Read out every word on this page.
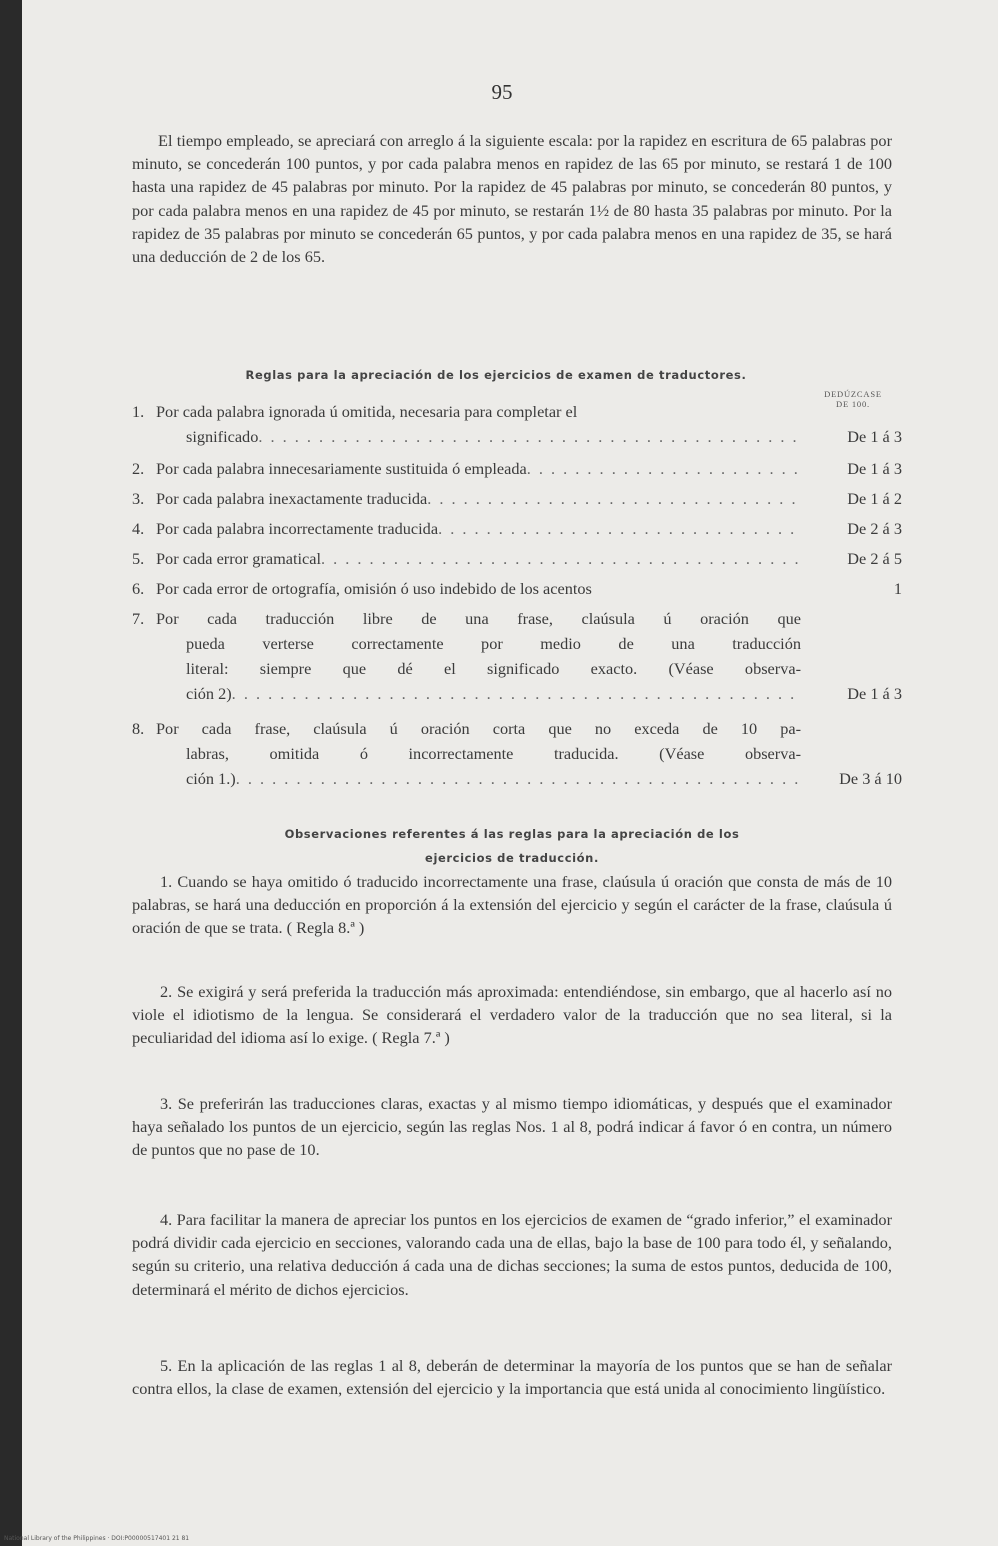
95

El tiempo empleado, se apreciará con arreglo á la siguiente escala: por la rapidez en escritura de 65 palabras por minuto, se concederán 100 puntos, y por cada palabra menos en rapidez de las 65 por minuto, se restará 1 de 100 hasta una rapidez de 45 palabras por minuto. Por la rapidez de 45 palabras por minuto, se concederán 80 puntos, y por cada palabra menos en una rapidez de 45 por minuto, se restarán 1½ de 80 hasta 35 palabras por minuto. Por la rapidez de 35 palabras por minuto se concederán 65 puntos, y por cada palabra menos en una rapidez de 35, se hará una deducción de 2 de los 65.

Reglas para la apreciación de los ejercicios de examen de traductores.
DEDÚZCASE
DE 100.
1. Por cada palabra ignorada ú omitida, necesaria para completar el
significado . . .	De 1 á 3
2. Por cada palabra innecesariamente sustituida ó empleada . . .	De 1 á 3
3. Por cada palabra inexactamente traducida . . .	De 1 á 2
4. Por cada palabra incorrectamente traducida . . .	De 2 á 3
5. Por cada error gramatical . . .	De 2 á 5
6. Por cada error de ortografía, omisión ó uso indebido de los acentos	1
7. Por cada traducción libre de una frase, claúsula ú oración que
pueda verterse correctamente por medio de una traducción
literal: siempre que dé el significado exacto. (Véase observa-
ción 2) . . .	De 1 á 3
8. Por cada frase, claúsula ú oración corta que no exceda de 10 pa-
labras, omitida ó incorrectamente traducida. (Véase observa-
ción 1.) . . .	De 3 á 10
Observaciones referentes á las reglas para la apreciación de los
ejercicios de traducción.

1. Cuando se haya omitido ó traducido incorrectamente una frase, claúsula ú oración que consta de más de 10 palabras, se hará una deducción en proporción á la extensión del ejercicio y según el carácter de la frase, claúsula ú oración de que se trata. ( Regla 8.ª )

2. Se exigirá y será preferida la traducción más aproximada: entendiéndose, sin embargo, que al hacerlo así no viole el idiotismo de la lengua. Se considerará el verdadero valor de la traducción que no sea literal, si la peculiaridad del idioma así lo exige. ( Regla 7.ª )

3. Se preferirán las traducciones claras, exactas y al mismo tiempo idiomáticas, y después que el examinador haya señalado los puntos de un ejercicio, según las reglas Nos. 1 al 8, podrá indicar á favor ó en contra, un número de puntos que no pase de 10.

4. Para facilitar la manera de apreciar los puntos en los ejercicios de examen de “grado inferior,” el examinador podrá dividir cada ejercicio en secciones, valorando cada una de ellas, bajo la base de 100 para todo él, y señalando, según su criterio, una relativa deducción á cada una de dichas secciones; la suma de estos puntos, deducida de 100, determinará el mérito de dichos ejercicios.

5. En la aplicación de las reglas 1 al 8, deberán de determinar la mayoría de los puntos que se han de señalar contra ellos, la clase de examen, extensión del ejercicio y la importancia que está unida al conocimiento lingüístico.

National Library of the Philippines · DOI:P00000517401 21 81
